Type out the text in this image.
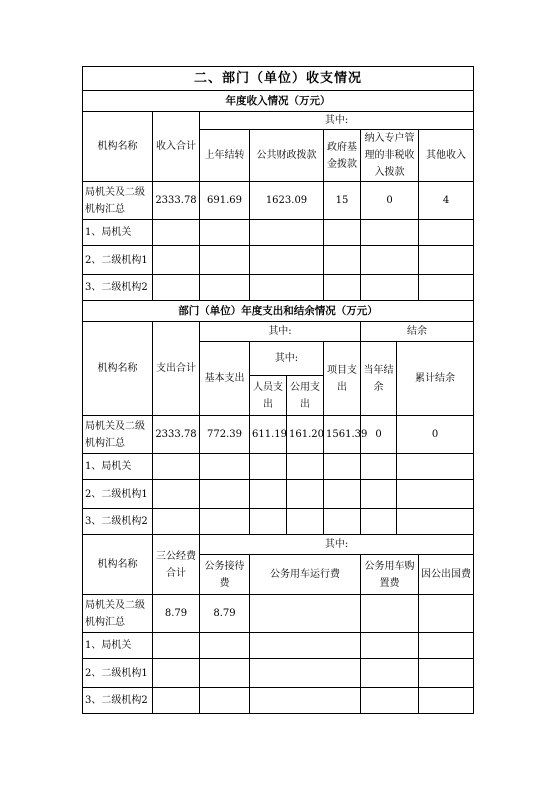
二、部门（单位）收支情况								
年度收入情况（万元）								
机构名称	收入合计	其中:						
		上年结转	公共财政拨款		政府基金拨款	纳入专户管理的非税收入拨款		其他收入
局机关及二级机构汇总	2333.78	691.69	1623.09		15	0		4
1、局机关								
2、二级机构1								
3、二级机构2								
部门（单位）年度支出和结余情况（万元）								
机构名称	支出合计	其中:				结余		
		基本支出	其中:		项目支出	当年结余	累计结余	
			人员支出	公用支出				
局机关及二级机构汇总	2333.78	772.39	611.19	161.20	1561.39	0	0	
1、局机关								
2、二级机构1								
3、二级机构2								
机构名称	三公经费合计	其中:						
		公务接待费	公务用车运行费			公务用车购置费		因公出国费
局机关及二级机构汇总	8.79	8.79						
1、局机关								
2、二级机构1								
3、二级机构2								
